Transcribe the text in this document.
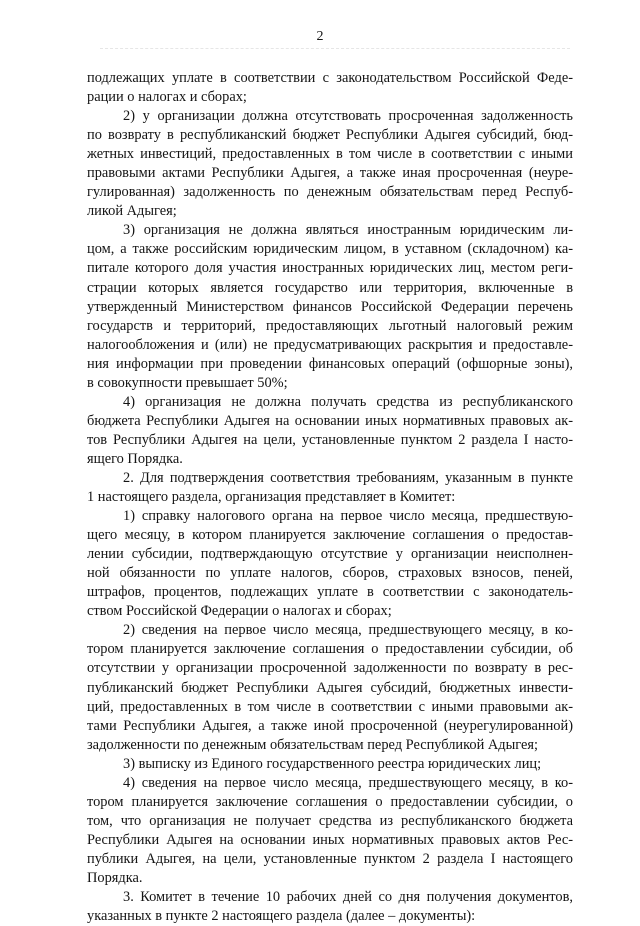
2
подлежащих уплате в соответствии с законодательством Российской Феде-
рации о налогах и сборах;
2) у организации должна отсутствовать просроченная задолженность
по возврату в республиканский бюджет Республики Адыгея субсидий, бюд-
жетных инвестиций, предоставленных в том числе в соответствии с иными
правовыми актами Республики Адыгея, а также иная просроченная (неуре-
гулированная) задолженность по денежным обязательствам перед Респуб-
ликой Адыгея;
3) организация не должна являться иностранным юридическим ли-
цом, а также российским юридическим лицом, в уставном (складочном) ка-
питале которого доля участия иностранных юридических лиц, местом реги-
страции которых является государство или территория, включенные в
утвержденный Министерством финансов Российской Федерации перечень
государств и территорий, предоставляющих льготный налоговый режим
налогообложения и (или) не предусматривающих раскрытия и предоставле-
ния информации при проведении финансовых операций (офшорные зоны),
в совокупности превышает 50%;
4) организация не должна получать средства из республиканского
бюджета Республики Адыгея на основании иных нормативных правовых ак-
тов Республики Адыгея на цели, установленные пунктом 2 раздела I насто-
ящего Порядка.
2. Для подтверждения соответствия требованиям, указанным в пункте
1 настоящего раздела, организация представляет в Комитет:
1) справку налогового органа на первое число месяца, предшествую-
щего месяцу, в котором планируется заключение соглашения о предостав-
лении субсидии, подтверждающую отсутствие у организации неисполнен-
ной обязанности по уплате налогов, сборов, страховых взносов, пеней,
штрафов, процентов, подлежащих уплате в соответствии с законодатель-
ством Российской Федерации о налогах и сборах;
2) сведения на первое число месяца, предшествующего месяцу, в ко-
тором планируется заключение соглашения о предоставлении субсидии, об
отсутствии у организации просроченной задолженности по возврату в рес-
публиканский бюджет Республики Адыгея субсидий, бюджетных инвести-
ций, предоставленных в том числе в соответствии с иными правовыми ак-
тами Республики Адыгея, а также иной просроченной (неурегулированной)
задолженности по денежным обязательствам перед Республикой Адыгея;
3) выписку из Единого государственного реестра юридических лиц;
4) сведения на первое число месяца, предшествующего месяцу, в ко-
тором планируется заключение соглашения о предоставлении субсидии, о
том, что организация не получает средства из республиканского бюджета
Республики Адыгея на основании иных нормативных правовых актов Рес-
публики Адыгея, на цели, установленные пунктом 2 раздела I настоящего
Порядка.
3. Комитет в течение 10 рабочих дней со дня получения документов,
указанных в пункте 2 настоящего раздела (далее – документы):
